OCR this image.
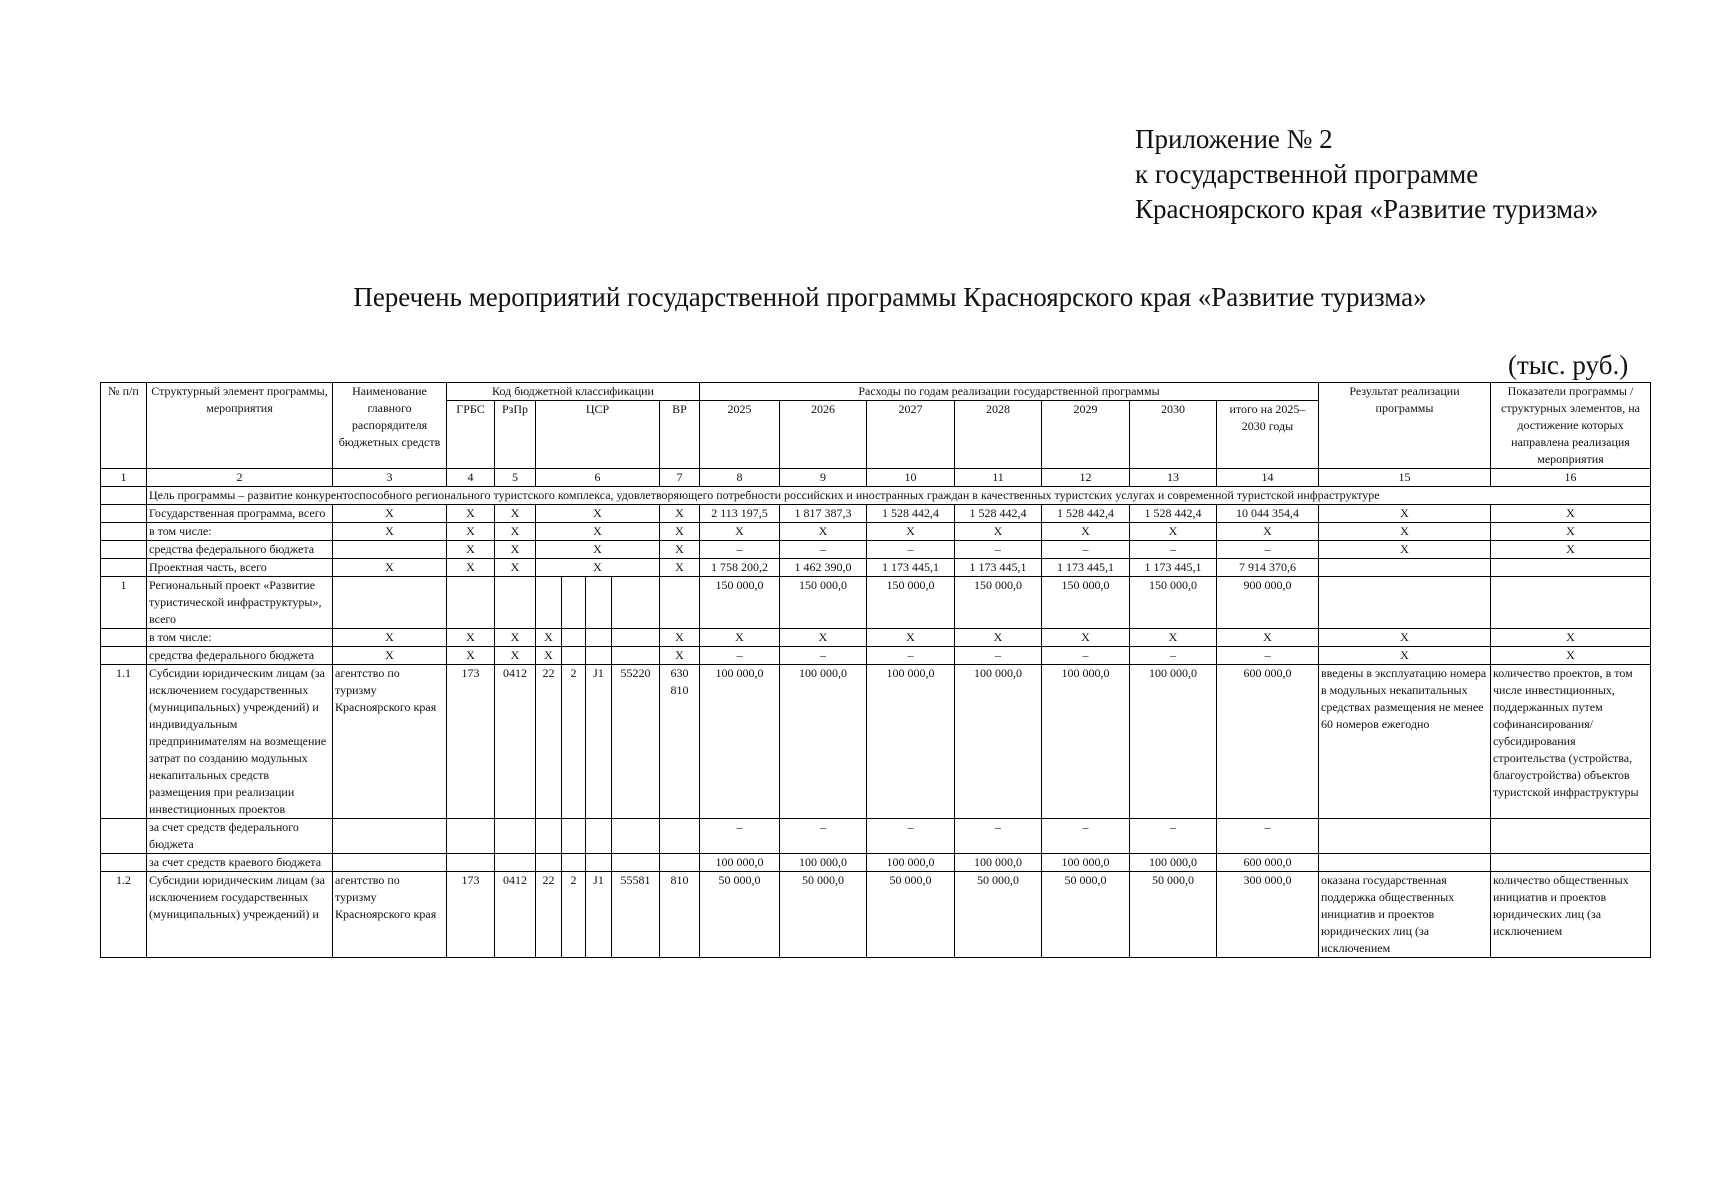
Приложение № 2
к государственной программе
Красноярского края «Развитие туризма»
Перечень мероприятий государственной программы Красноярского края «Развитие туризма»
(тыс. руб.)
№ п/п	Структурный элемент программы, мероприятия	Наименование главного распорядителя бюджетных средств	Код бюджетной классификации							Расходы по годам реализации государственной программы							Результат реализации программы	Показатели программы / структурных элементов, на достижение которых направлена реализация мероприятия
			ГРБС	РзПр	ЦСР				ВР	2025	2026	2027	2028	2029	2030	итого на 2025–2030 годы		
1	2	3	4	5	6				7	8	9	10	11	12	13	14	15	16
	Цель программы – развитие конкурентоспособного регионального туристского комплекса, удовлетворяющего потребности российских и иностранных граждан в качественных туристских услугах и современной туристской инфраструктуре																	
	Государственная программа, всего	X	X	X	X				X	2 113 197,5	1 817 387,3	1 528 442,4	1 528 442,4	1 528 442,4	1 528 442,4	10 044 354,4	X	X
	в том числе:	X	X	X	X				X	X	X	X	X	X	X	X	X	X
	средства федерального бюджета		X	X	X				X	–	–	–	–	–	–	–	X	X
	Проектная часть, всего	X	X	X	X				X	1 758 200,2	1 462 390,0	1 173 445,1	1 173 445,1	1 173 445,1	1 173 445,1	7 914 370,6		
1	Региональный проект «Развитие туристической инфраструктуры», всего									150 000,0	150 000,0	150 000,0	150 000,0	150 000,0	150 000,0	900 000,0		
	в том числе:	X	X	X	X				X	X	X	X	X	X	X	X	X	X
	средства федерального бюджета	X	X	X	X				X	–	–	–	–	–	–	–	X	X
1.1	Субсидии юридическим лицам (за исключением государственных (муниципальных) учреждений) и индивидуальным предпринимателям на возмещение затрат по созданию модульных некапитальных средств размещения при реализации инвестиционных проектов	агентство по туризму Красноярского края	173	0412	22	2	J1	55220	630 810	100 000,0	100 000,0	100 000,0	100 000,0	100 000,0	100 000,0	600 000,0	введены в эксплуатацию номера в модульных некапитальных средствах размещения не менее 60 номеров ежегодно	количество проектов, в том числе инвестиционных, поддержанных путем софинансирования/ субсидирования строительства (устройства, благоустройства) объектов туристской инфраструктуры
	за счет средств федерального бюджета									–	–	–	–	–	–	–		
	за счет средств краевого бюджета									100 000,0	100 000,0	100 000,0	100 000,0	100 000,0	100 000,0	600 000,0		
1.2	Субсидии юридическим лицам (за исключением государственных (муниципальных) учреждений) и	агентство по туризму Красноярского края	173	0412	22	2	J1	55581	810	50 000,0	50 000,0	50 000,0	50 000,0	50 000,0	50 000,0	300 000,0	оказана государственная поддержка общественных инициатив и проектов юридических лиц (за исключением	количество общественных инициатив и проектов юридических лиц (за исключением
